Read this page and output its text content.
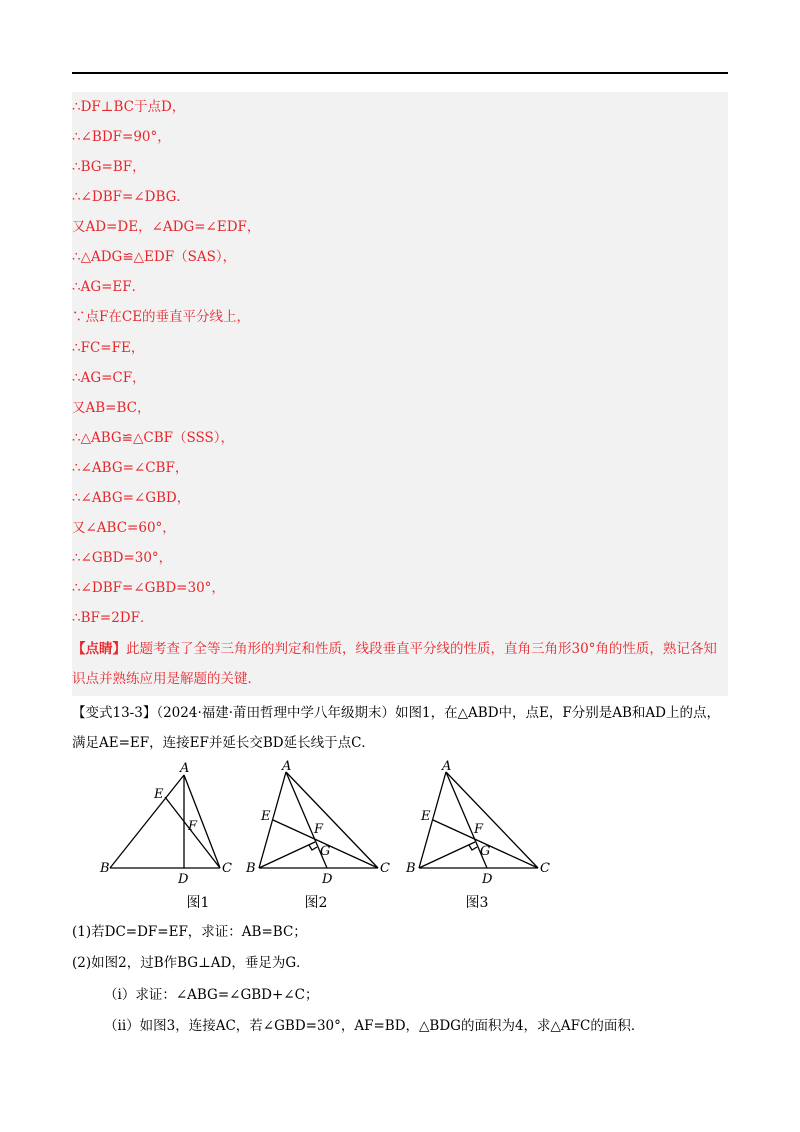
∴DF⊥BC于点D，
∴∠BDF=90°，
∴BG=BF，
∴∠DBF=∠DBG．
又AD=DE，∠ADG=∠EDF，
∴△ADG≌△EDF（SAS），
∴AG=EF．
∵点F在CE的垂直平分线上，
∴FC=FE，
∴AG=CF，
又AB=BC，
∴△ABG≌△CBF（SSS），
∴∠ABG=∠CBF，
∴∠ABG=∠GBD，
又∠ABC=60°，
∴∠GBD=30°，
∴∠DBF=∠GBD=30°，
∴BF=2DF．
【点睛】此题考查了全等三角形的判定和性质，线段垂直平分线的性质，直角三角形30°角的性质，熟记各知识点并熟练应用是解题的关键．
【变式13-3】（2024·福建·莆田哲理中学八年级期末）如图1，在△ABD中，点E，F分别是AB和AD上的点，满足AE=EF，连接EF并延长交BD延长线于点C．
A
E
F
B
D
C
A
E
F
G
B
D
C
A
E
F
G
B
D
C
图1	图2	图3
(1)若DC=DF=EF，求证：AB=BC；
(2)如图2，过B作BG⊥AD，垂足为G．
（i）求证：∠ABG=∠GBD+∠C；
（ii）如图3，连接AC，若∠GBD=30°，AF=BD，△BDG的面积为4，求△AFC的面积．
